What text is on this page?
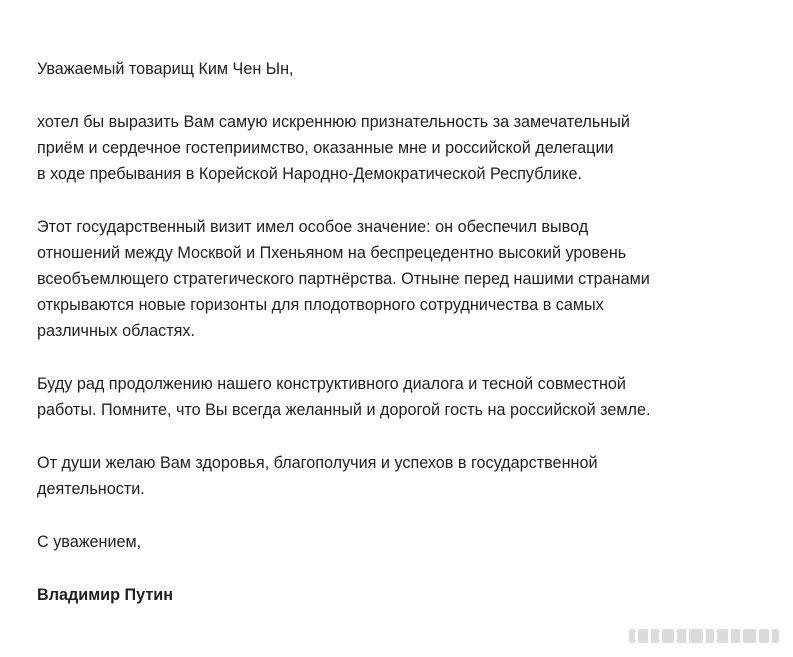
Уважаемый товарищ Ким Чен Ын,

хотел бы выразить Вам самую искреннюю признательность за замечательный
приём и сердечное гостеприимство, оказанные мне и российской делегации
в ходе пребывания в Корейской Народно-Демократической Республике.

Этот государственный визит имел особое значение: он обеспечил вывод
отношений между Москвой и Пхеньяном на беспрецедентно высокий уровень
всеобъемлющего стратегического партнёрства. Отныне перед нашими странами
открываются новые горизонты для плодотворного сотрудничества в самых
различных областях.

Буду рад продолжению нашего конструктивного диалога и тесной совместной
работы. Помните, что Вы всегда желанный и дорогой гость на российской земле.

От души желаю Вам здоровья, благополучия и успехов в государственной
деятельности.

С уважением,

Владимир Путин
